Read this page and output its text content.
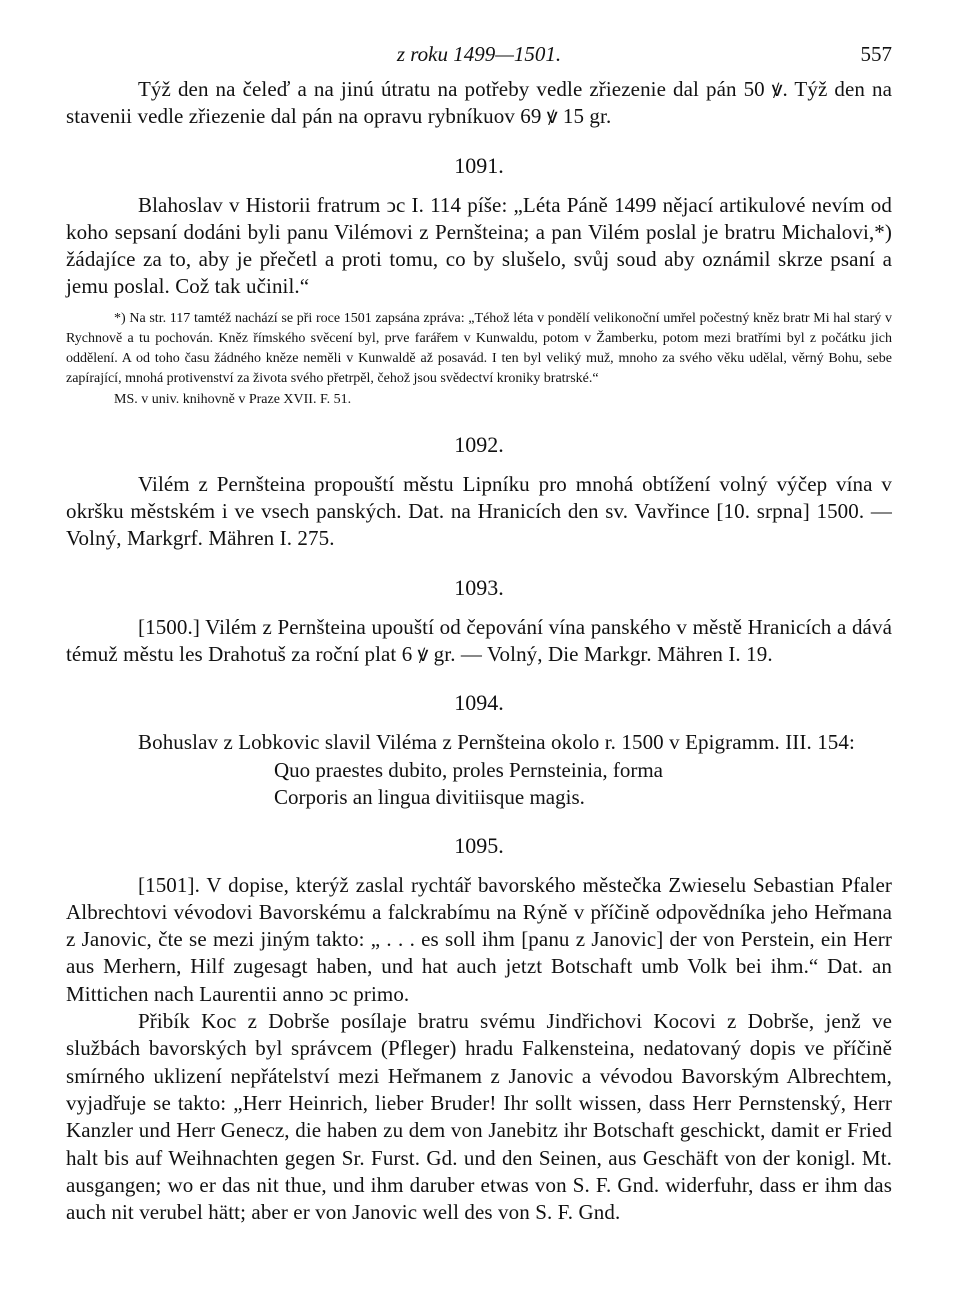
z roku 1499—1501.	557

Týž den na čeleď a na jinú útratu na potřeby vedle zřiezenie dal pán 50 ꝟ. Týž den na stavenii vedle zřiezenie dal pán na opravu rybníkuov 69 ꝟ 15 gr.

1091.

Blahoslav v Historii fratrum ↄc I. 114 píše: „Léta Páně 1499 nějací artikulové nevím od koho sepsaní dodáni byli panu Vilémovi z Pernšteina; a pan Vilém poslal je bratru Michalovi,*) žádajíce za to, aby je přečetl a proti tomu, co by slušelo, svůj soud aby oznámil skrze psaní a jemu poslal. Což tak učinil.“

*) Na str. 117 tamtéž nachází se při roce 1501 zapsána zpráva: „Téhož léta v pondělí velikonoční umřel počestný kněz bratr Mi hal starý v Rychnově a tu pochován. Kněz římského svěcení byl, prve farářem v Kunwaldu, potom v Žamberku, potom mezi bratřími byl z počátku jich oddělení. A od toho času žádného kněze neměli v Kunwaldě až posavád. I ten byl veliký muž, mnoho za svého věku udělal, věrný Bohu, sebe zapírající, mnohá protivenství za života svého přetrpěl, čehož jsou svědectví kroniky bratrské.“

MS. v univ. knihovně v Praze XVII. F. 51.

1092.

Vilém z Pernšteina propouští městu Lipníku pro mnohá obtížení volný výčep vína v okršku městském i ve vsech panských. Dat. na Hranicích den sv. Vavřince [10. srpna] 1500. — Volný, Markgrf. Mähren I. 275.

1093.

[1500.] Vilém z Pernšteina upouští od čepování vína panského v městě Hranicích a dává témuž městu les Drahotuš za roční plat 6 ꝟ gr. — Volný, Die Markgr. Mähren I. 19.

1094.

Bohuslav z Lobkovic slavil Viléma z Pernšteina okolo r. 1500 v Epigramm. III. 154:

Quo praestes dubito, proles Pernsteinia, forma
Corporis an lingua divitiisque magis.
1095.

[1501]. V dopise, kterýž zaslal rychtář bavorského městečka Zwieselu Sebastian Pfaler Albrechtovi vévodovi Bavorskému a falckrabímu na Rýně v příčině odpovědníka jeho Heřmana z Janovic, čte se mezi jiným takto: „ . . . es soll ihm [panu z Janovic] der von Perstein, ein Herr aus Merhern, Hilf zugesagt haben, und hat auch jetzt Botschaft umb Volk bei ihm.“ Dat. an Mittichen nach Laurentii anno ↄc primo.

Přibík Koc z Dobrše posílaje bratru svému Jindřichovi Kocovi z Dobrše, jenž ve službách bavorských byl správcem (Pfleger) hradu Falkensteina, nedatovaný dopis ve příčině smírného uklizení nepřátelství mezi Heřmanem z Janovic a vévodou Bavorským Albrechtem, vyjadřuje se takto: „Herr Heinrich, lieber Bruder! Ihr sollt wissen, dass Herr Pernstenský, Herr Kanzler und Herr Genecz, die haben zu dem von Janebitz ihr Botschaft geschickt, damit er Fried halt bis auf Weihnachten gegen Sr. Furst. Gd. und den Seinen, aus Geschäft von der konigl. Mt. ausgangen; wo er das nit thue, und ihm daruber etwas von S. F. Gnd. widerfuhr, dass er ihm das auch nit verubel hätt; aber er von Janovic well des von S. F. Gnd.
